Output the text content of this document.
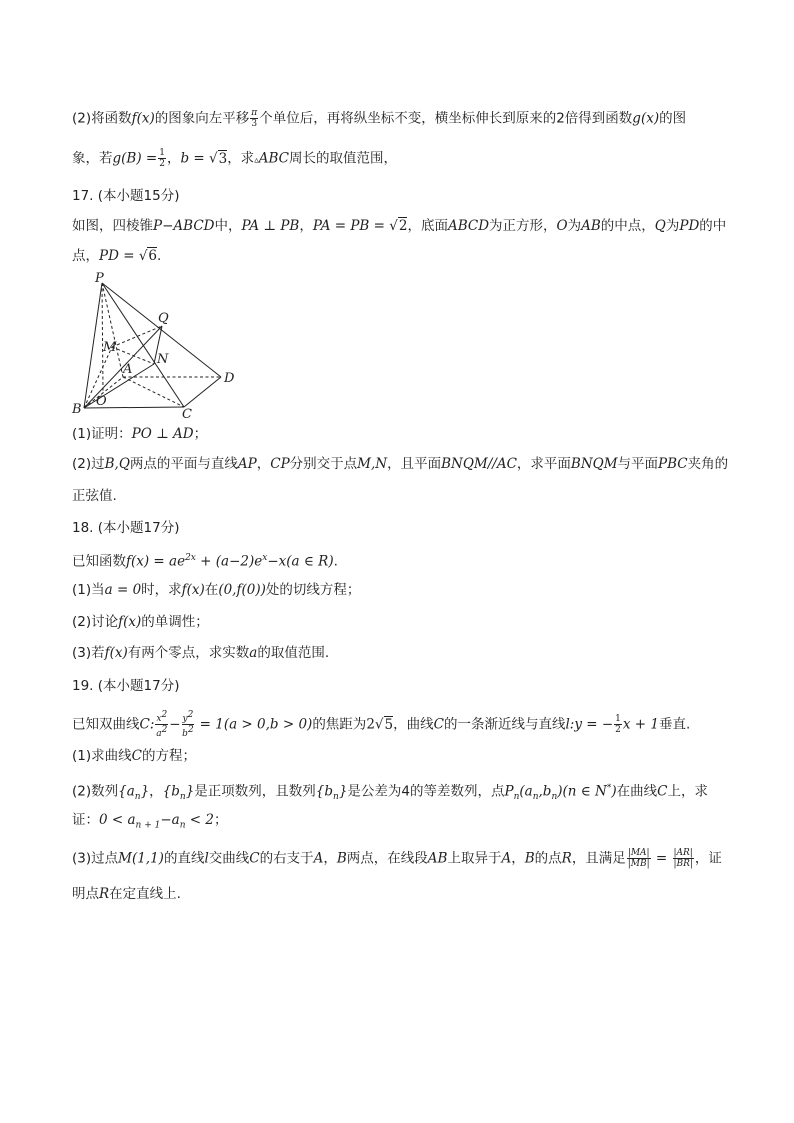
(2)将函数f(x)的图象向左平移 $\frac{\pi}{3}$ 个单位后，再将纵坐标不变，横坐标伸长到原来的2倍得到函数g(x)的图
象，若$g(B) = \frac{1}{2}$ ，b = √3，求▵ABC周长的取值范围，
17. (本小题15分)
如图，四棱锥P−ABCD中，PA ⊥ PB，PA = PB = √2，底面ABCD为正方形，O为AB的中点，Q为PD的中
点，PD = √6.
P
Q
M
N
A
D
B
O
C
(1)证明：PO ⊥ AD；
(2)过B,Q两点的平面与直线AP，CP分别交于点M,N，且平面BNQM//AC，求平面BNQM与平面PBC夹角的
正弦值.
18. (本小题17分)
已知函数$f(x) = ae^{2x} + (a-2)e^x-x(a$ ∈ R).
(1)当a = 0时，求f(x)在(0,f(0))处的切线方程；
(2)讨论f(x)的单调性；
(3)若f(x)有两个零点，求实数a的取值范围.
19. (本小题17分)
已知双曲线C: $\frac{x2}{a2} - \frac{y2}{b2} = 1(a > 0,b > 0)$的焦距为2√5，曲线C的一条渐近线与直线l:y = − $\frac{1}{2}$ x + 1垂直.
(1)求曲线C的方程；
(2)数列$\{a_n\}$，$\{b_n\}$是正项数列，且数列$\{b_n\}$是公差为4的等差数列，点$P_n(a_n,b_n)(n$ ∈ N*)在曲线C上，求
证：$0 < a_{n + 1}-a_n < 2$；
(3)过点M(1,1)的直线l交曲线C的右支于A，B两点，在线段AB上取异于A，B的点R，且满足 $\frac{|MA|}{|MB|} = \frac{|AR|}{|BR|}$ ，证
明点R在定直线上.
